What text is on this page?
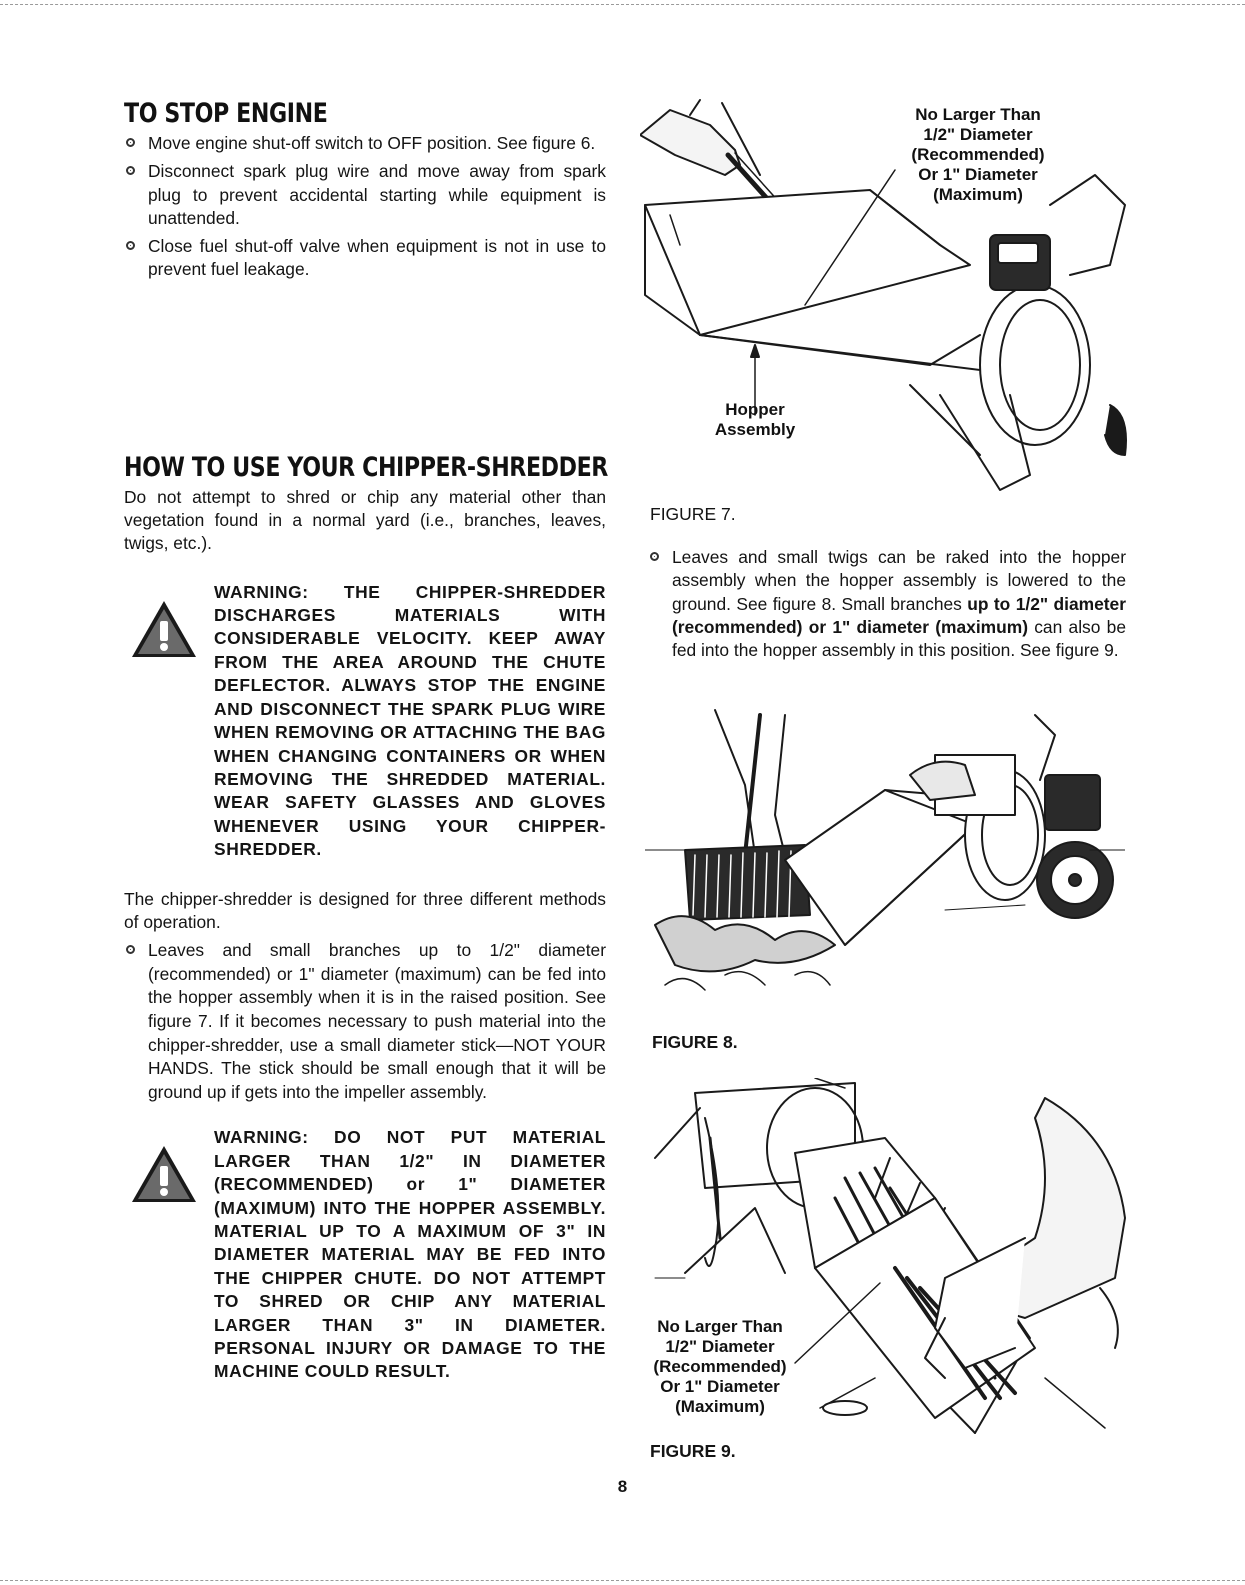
TO STOP ENGINE
Move engine shut-off switch to OFF position. See figure 6.
Disconnect spark plug wire and move away from spark plug to prevent accidental starting while equipment is unattended.
Close fuel shut-off valve when equipment is not in use to prevent fuel leakage.
HOW TO USE YOUR CHIPPER-SHREDDER

Do not attempt to shred or chip any material other than vegetation found in a normal yard (i.e., branches, leaves, twigs, etc.).

WARNING: THE CHIPPER-SHREDDER DISCHARGES MATERIALS WITH CONSIDERABLE VELOCITY. KEEP AWAY FROM THE AREA AROUND THE CHUTE DEFLECTOR. ALWAYS STOP THE ENGINE AND DISCONNECT THE SPARK PLUG WIRE WHEN REMOVING OR ATTACHING THE BAG WHEN CHANGING CONTAINERS OR WHEN REMOVING THE SHREDDED MATERIAL. WEAR SAFETY GLASSES AND GLOVES WHENEVER USING YOUR CHIPPER-SHREDDER.

The chipper-shredder is designed for three different methods of operation.

Leaves and small branches up to 1/2" diameter (recommended) or 1" diameter (maximum) can be fed into the hopper assembly when it is in the raised position. See figure 7. If it becomes necessary to push material into the chipper-shredder, use a small diameter stick—NOT YOUR HANDS. The stick should be small enough that it will be ground up if gets into the impeller assembly.

WARNING: DO NOT PUT MATERIAL LARGER THAN 1/2" IN DIAMETER (RECOMMENDED) or 1" DIAMETER (MAXIMUM) INTO THE HOPPER ASSEMBLY. MATERIAL UP TO A MAXIMUM OF 3" IN DIAMETER MATERIAL MAY BE FED INTO THE CHIPPER CHUTE. DO NOT ATTEMPT TO SHRED OR CHIP ANY MATERIAL LARGER THAN 3" IN DIAMETER. PERSONAL INJURY OR DAMAGE TO THE MACHINE COULD RESULT.

No Larger Than
1/2" Diameter
(Recommended)
Or 1" Diameter
(Maximum)
Hopper
Assembly
FIGURE 7.
Leaves and small twigs can be raked into the hopper assembly when the hopper assembly is lowered to the ground. See figure 8. Small branches up to 1/2" diameter (recommended) or 1" diameter (maximum) can also be fed into the hopper assembly in this position. See figure 9.
FIGURE 8.
No Larger Than
1/2" Diameter
(Recommended)
Or 1" Diameter
(Maximum)
FIGURE 9.
8
